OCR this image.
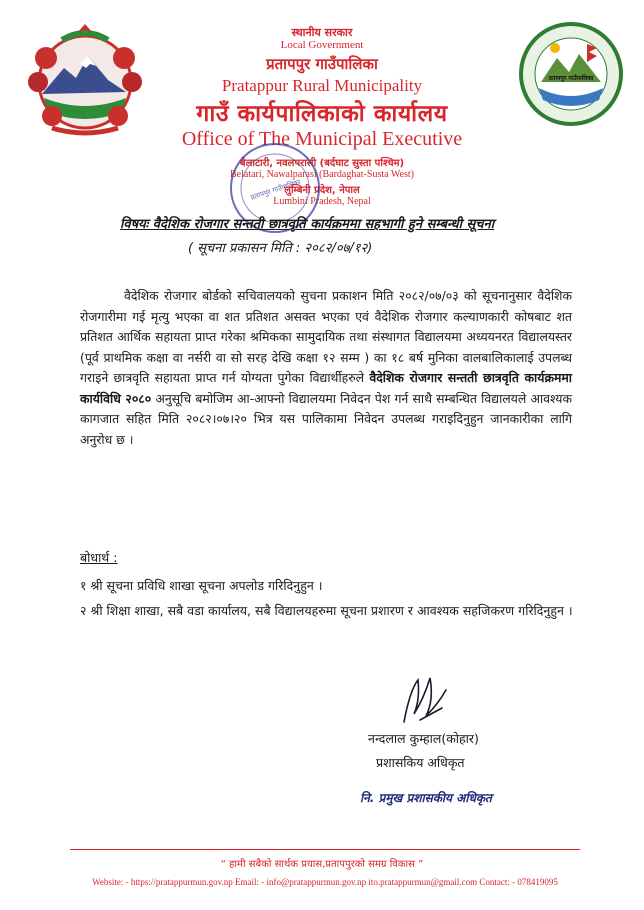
प्रतापपुर गाउँपालिका
स्थानीय सरकार
Local Government
प्रतापपुर गाउँपालिका
Pratappur Rural Municipality
गाउँ कार्यपालिकाको कार्यालय
Office of The Municipal Executive
बेलाटारी, नवलपरासी (बर्दघाट सुस्ता पश्चिम)
Belatari, Nawalparasi (Bardaghat-Susta West)
लुम्बिनी प्रदेश, नेपाल
Lumbini Pradesh, Nepal
प्रतापपुर गाउँपालिका
विषयः वैदेशिक रोजगार सन्तती छात्रवृति कार्यक्रममा सहभागी हुने सम्बन्धी सूचना
( सूचना प्रकासन मिति : २०८२/०७/१२)
वैदेशिक रोजगार बोर्डको सचिवालयको सुचना प्रकाशन मिति २०८२/०७/०३ को सूचनानुसार वैदेशिक रोजगारीमा गई मृत्यु भएका वा शत प्रतिशत असक्त भएका एवं वैदेशिक रोजगार कल्याणकारी कोषबाट शत प्रतिशत आर्थिक सहायता प्राप्त गरेका श्रमिकका सामुदायिक तथा संस्थागत विद्यालयमा अध्ययनरत विद्यालयस्तर (पूर्व प्राथमिक कक्षा वा नर्सरी वा सो सरह देखि कक्षा १२ सम्म ) का १८ बर्ष मुनिका वालबालिकालाई उपलब्ध गराइने छात्रवृति सहायता प्राप्त गर्न योग्यता पुगेका विद्यार्थीहरुले वैदेशिक रोजगार सन्तती छात्रवृति कार्यक्रममा कार्यविधि २०८० अनुसूचि बमोजिम आ-आफ्नो विद्यालयमा निवेदन पेश गर्न साथै सम्बन्धित विद्यालयले आवश्यक कागजात सहित मिति २०८२।०७।२० भित्र यस पालिकामा निवेदन उपलब्ध गराइदिनुहुन जानकारीका लागि अनुरोध छ ।
बोधार्थ :
१ श्री सूचना प्रविधि शाखा सूचना अपलोड गरिदिनुहुन ।
२ श्री शिक्षा शाखा, सबै वडा कार्यालय, सबै विद्यालयहरुमा सूचना प्रशारण र आवश्यक सहजिकरण गरिदिनुहुन ।
नन्दलाल कुम्हाल(कोहार)
प्रशासकिय अधिकृत
नि. प्रमुख प्रशासकीय अधिकृत
“ हामी सबैको सार्थक प्रयास,प्रतापपुरको समग्र विकास ”
Website: - https://pratappurmun.gov.np Email: - info@pratappurmun.gov.np ito.pratappurmun@gmail.com Contact: - 078419095
